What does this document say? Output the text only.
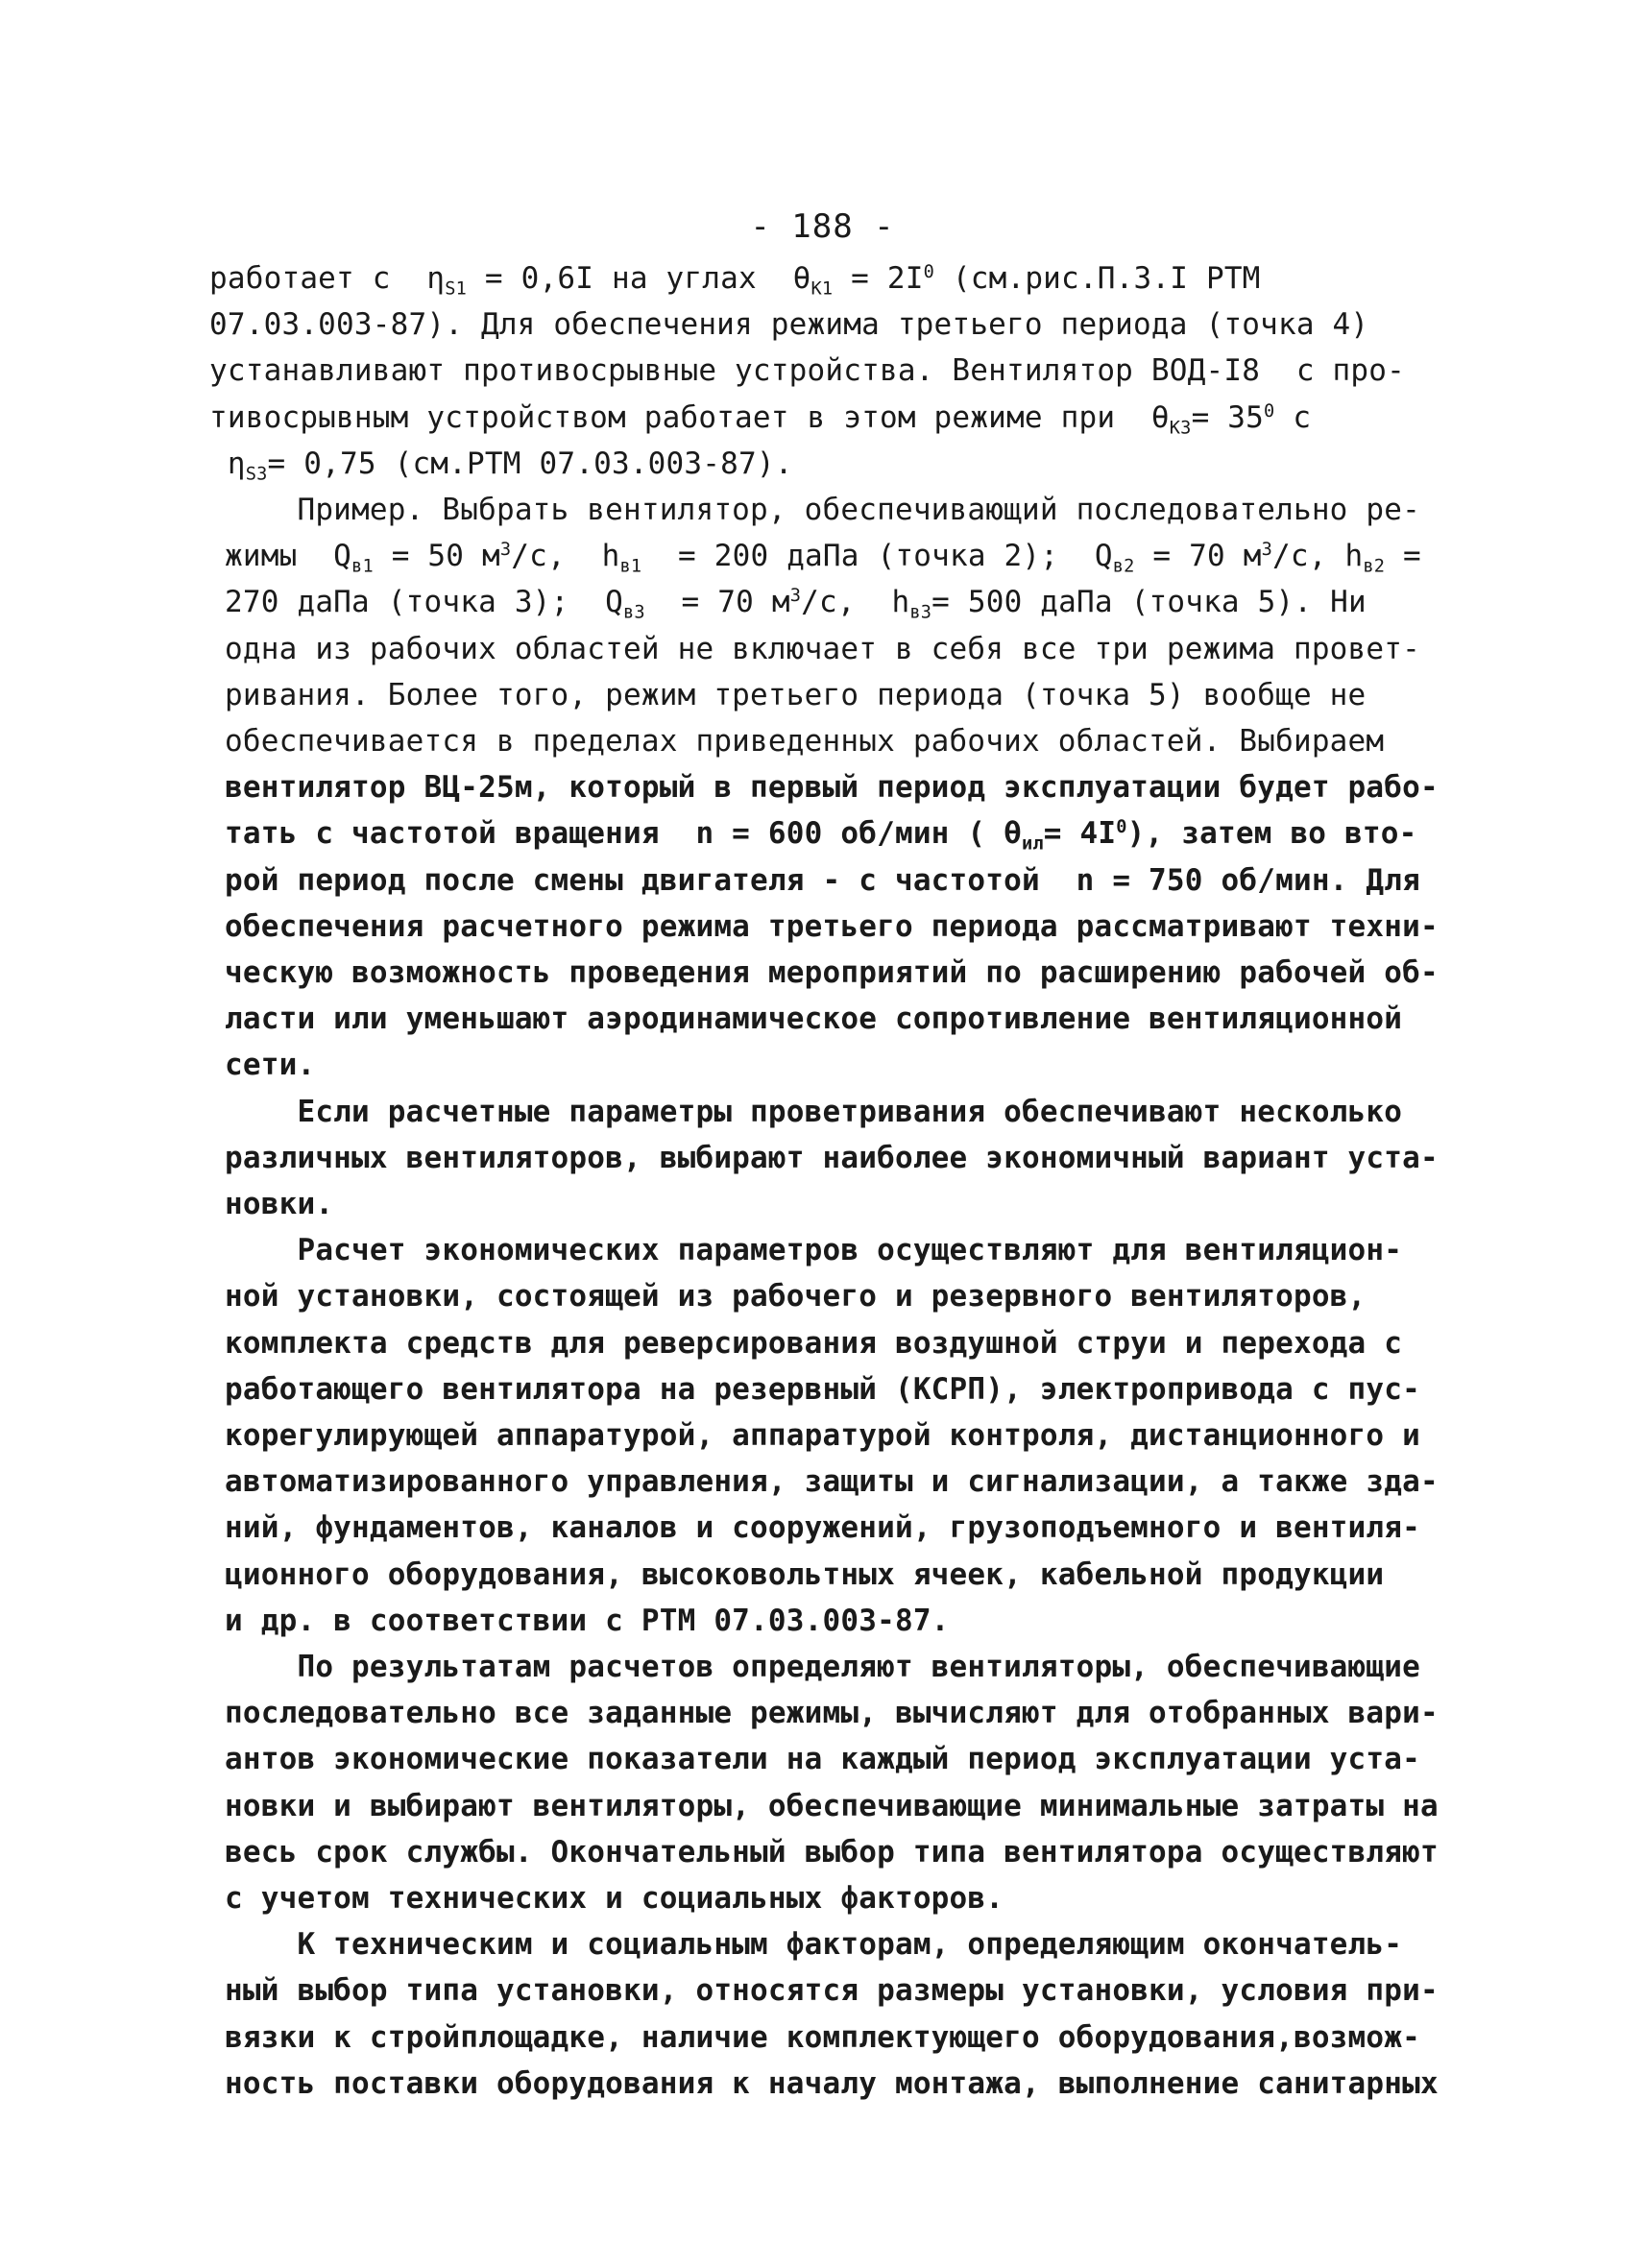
- 188 -
работает с  $\eta_{S1} = 0,6I$ на углах  $\theta_{K1} = 2I^0$ (см.рис.П.3.I РТМ
07.03.003-87). Для обеспечения режима третьего периода (точка 4)
устанавливают противосрывные устройства. Вентилятор ВОД-I8  с про-
тивосрывным устройством работает в этом режиме при  $\theta_{K3}= 35^0$ с
$\eta_{S3}= 0,75$ (см.РТМ 07.03.003-87).
Пример. Выбрать вентилятор, обеспечивающий последовательно ре-
жимы  $Q_{в1} = 50$ $м^3/с$,  $h_{в1} = 200$ даПа (точка 2);  $Q_{в2} = 70$ $м^3/с$, $h_{в2}$ =
270 даПа (точка 3);  $Q_{в3} = 70$ $м^3/с$,  $h_{в3}= 500$ даПа (точка 5). Ни
одна из рабочих областей не включает в себя все три режима провет-
ривания. Более того, режим третьего периода (точка 5) вообще не
обеспечивается в пределах приведенных рабочих областей. Выбираем
вентилятор ВЦ-25м, который в первый период эксплуатации будет рабо-
тать с частотой вращения  n = 600 об/мин ( $\theta_{ил}= 4I^0$), затем во вто-
рой период после смены двигателя - с частотой  n = 750 об/мин. Для
обеспечения расчетного режима третьего периода рассматривают техни-
ческую возможность проведения мероприятий по расширению рабочей об-
ласти или уменьшают аэродинамическое сопротивление вентиляционной
сети.
Если расчетные параметры проветривания обеспечивают несколько
различных вентиляторов, выбирают наиболее экономичный вариант уста-
новки.
Расчет экономических параметров осуществляют для вентиляцион-
ной установки, состоящей из рабочего и резервного вентиляторов,
комплекта средств для реверсирования воздушной струи и перехода с
работающего вентилятора на резервный (КСРП), электропривода с пус-
корегулирующей аппаратурой, аппаратурой контроля, дистанционного и
автоматизированного управления, защиты и сигнализации, а также зда-
ний, фундаментов, каналов и сооружений, грузоподъемного и вентиля-
ционного оборудования, высоковольтных ячеек, кабельной продукции
и др. в соответствии с РТМ 07.03.003-87.
По результатам расчетов определяют вентиляторы, обеспечивающие
последовательно все заданные режимы, вычисляют для отобранных вари-
антов экономические показатели на каждый период эксплуатации уста-
новки и выбирают вентиляторы, обеспечивающие минимальные затраты на
весь срок службы. Окончательный выбор типа вентилятора осуществляют
с учетом технических и социальных факторов.
К техническим и социальным факторам, определяющим окончатель-
ный выбор типа установки, относятся размеры установки, условия при-
вязки к стройплощадке, наличие комплектующего оборудования,возмож-
ность поставки оборудования к началу монтажа, выполнение санитарных
